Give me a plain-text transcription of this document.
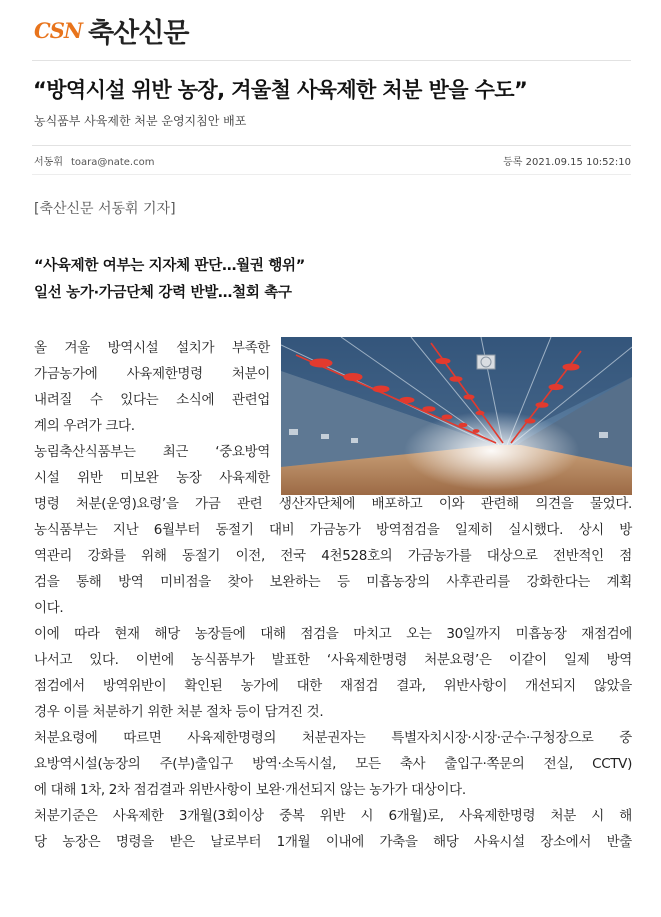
CSN 축산신문
“방역시설 위반 농장, 겨울철 사육제한 처분 받을 수도”
농식품부 사육제한 처분 운영지침안 배포
서동휘 toara@nate.com	등록 2021.09.15 10:52:10
[축산신문 서동휘 기자]
“사육제한 여부는 지자체 판단…월권 행위”
일선 농가·가금단체 강력 반발…철회 촉구
올 겨울 방역시설 설치가 부족한
가금농가에 사육제한명령 처분이
내려질 수 있다는 소식에 관련업
계의 우려가 크다.
농림축산식품부는 최근 ‘중요방역
시설 위반 미보완 농장 사육제한
명령 처분(운영)요령’을 가금 관련 생산자단체에 배포하고 이와 관련해 의견을 물었다.
농식품부는 지난 6월부터 동절기 대비 가금농가 방역점검을 일제히 실시했다. 상시 방
역관리 강화를 위해 동절기 이전, 전국 4천528호의 가금농가를 대상으로 전반적인 점
검을 통해 방역 미비점을 찾아 보완하는 등 미흡농장의 사후관리를 강화한다는 계획
이다.
이에 따라 현재 해당 농장들에 대해 점검을 마치고 오는 30일까지 미흡농장 재점검에
나서고 있다. 이번에 농식품부가 발표한 ‘사육제한명령 처분요령’은 이같이 일제 방역
점검에서 방역위반이 확인된 농가에 대한 재점검 결과, 위반사항이 개선되지 않았을
경우 이를 처분하기 위한 처분 절차 등이 담겨진 것.
처분요령에 따르면 사육제한명령의 처분권자는 특별자치시장·시장·군수·구청장으로 중
요방역시설(농장의 주(부)출입구 방역·소독시설, 모든 축사 출입구·쪽문의 전실, CCTV)
에 대해 1차, 2차 점검결과 위반사항이 보완·개선되지 않는 농가가 대상이다.
처분기준은 사육제한 3개월(3회이상 중복 위반 시 6개월)로, 사육제한명령 처분 시 해
당 농장은 명령을 받은 날로부터 1개월 이내에 가축을 해당 사육시설 장소에서 반출
